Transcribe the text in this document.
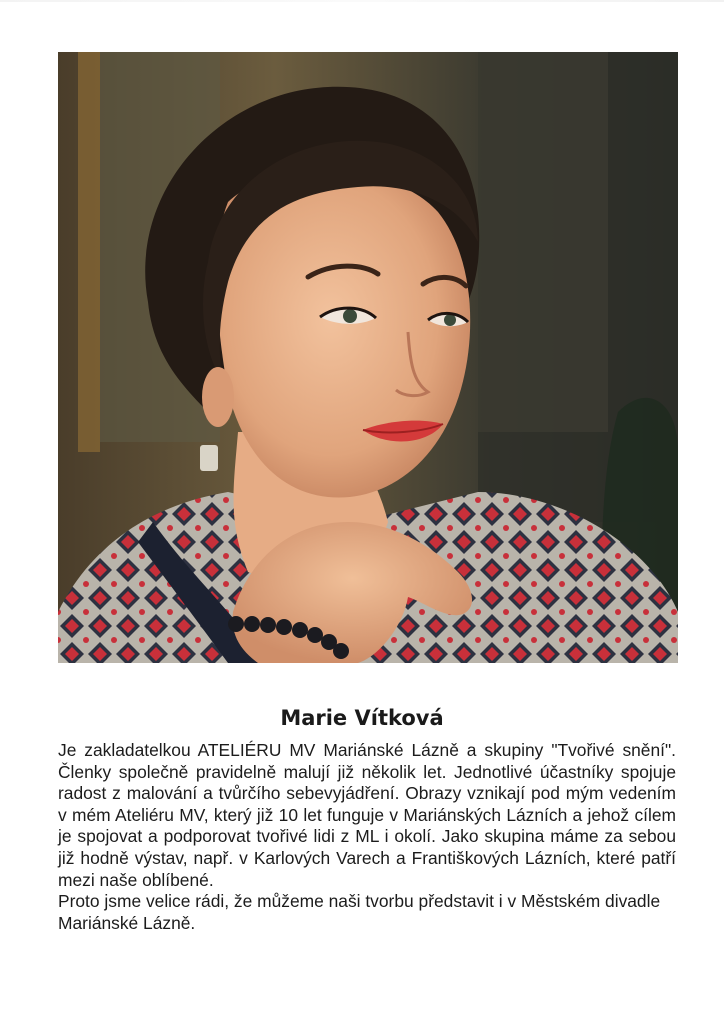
Marie Vítková

Je zakladatelkou ATELIÉRU MV Mariánské Lázně a skupiny "Tvořivé snění". Členky společně pravidelně malují již několik let. Jednotlivé účastníky spojuje radost z malování a tvůrčího sebevyjádření. Obrazy vznikají pod mým vedením v mém Ateliéru MV, který již 10 let funguje v Mariánských Lázních a jehož cílem je spojovat a podporovat tvořivé lidi z ML i okolí. Jako skupina máme za sebou již hodně výstav, např. v Karlových Varech a Františkových Lázních, které patří mezi naše oblíbené.

Proto jsme velice rádi, že můžeme naši tvorbu představit i v Městském divadle Mariánské Lázně.
